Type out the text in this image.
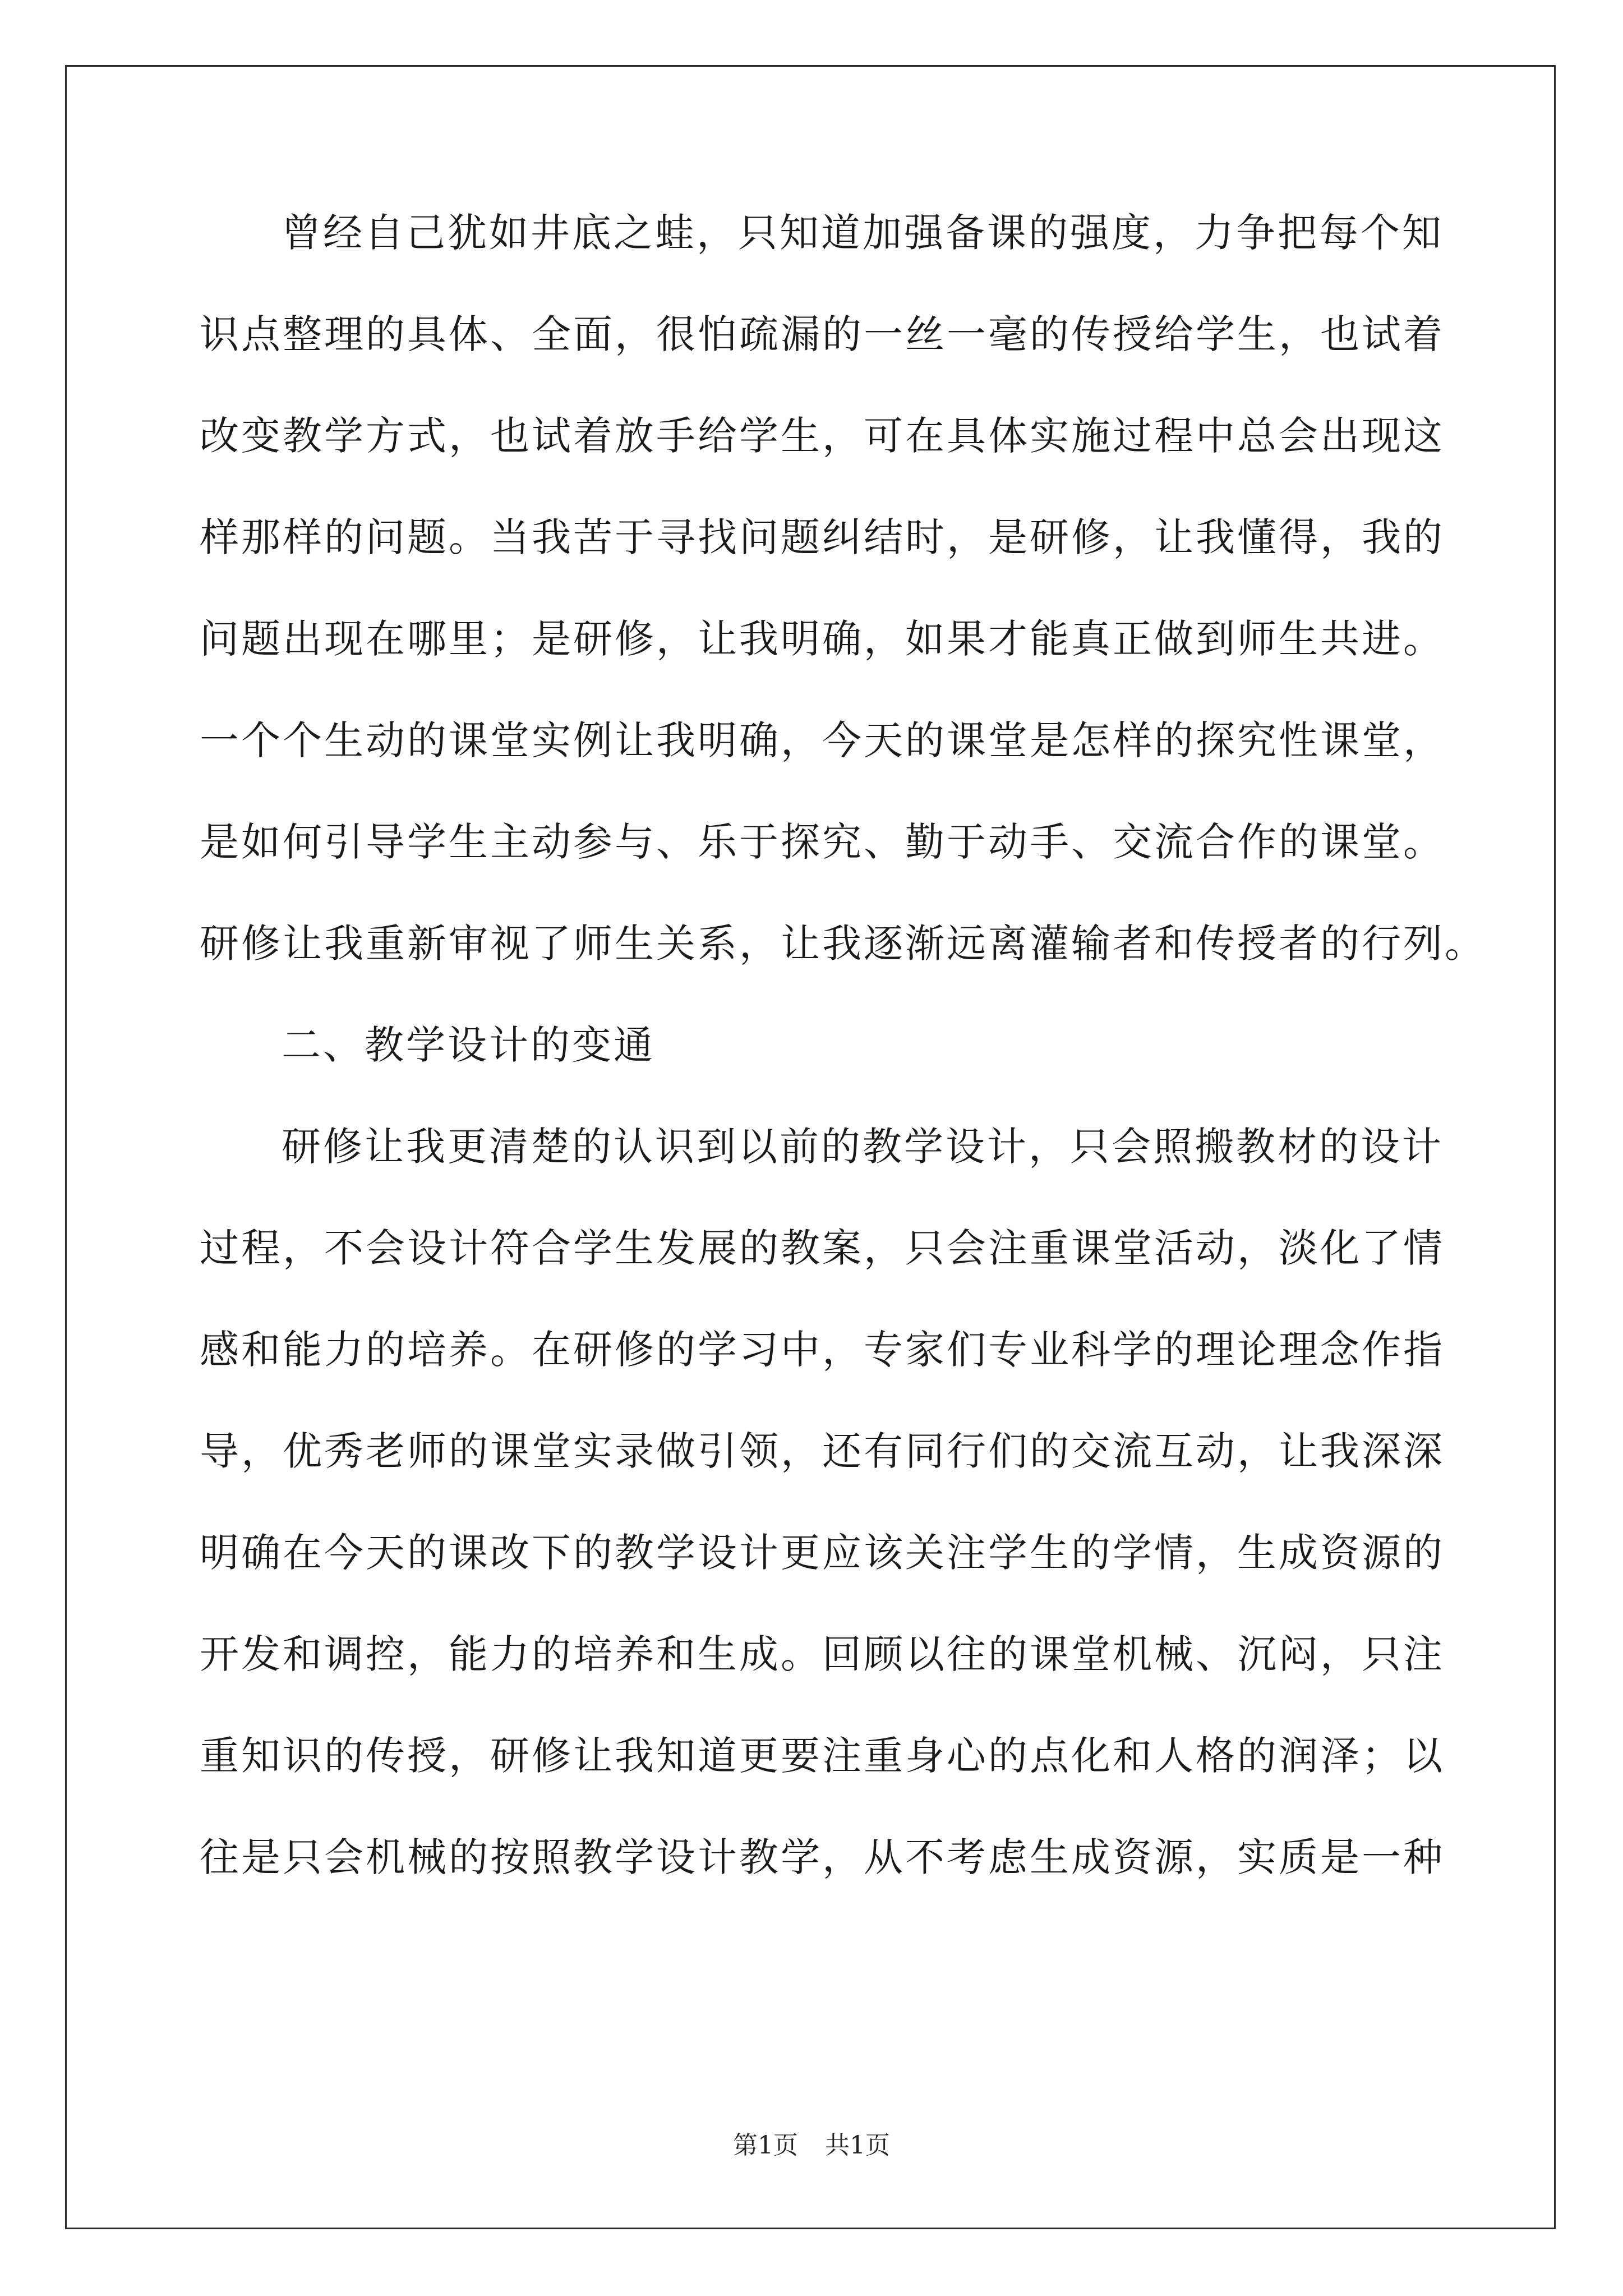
曾经自己犹如井底之蛙，只知道加强备课的强度，力争把每个知
识点整理的具体、全面，很怕疏漏的一丝一毫的传授给学生，也试着
改变教学方式，也试着放手给学生，可在具体实施过程中总会出现这
样那样的问题。当我苦于寻找问题纠结时，是研修，让我懂得，我的
问题出现在哪里；是研修，让我明确，如果才能真正做到师生共进。
一个个生动的课堂实例让我明确，今天的课堂是怎样的探究性课堂，
是如何引导学生主动参与、乐于探究、勤于动手、交流合作的课堂。
研修让我重新审视了师生关系，让我逐渐远离灌输者和传授者的行列。
二、教学设计的变通
研修让我更清楚的认识到以前的教学设计，只会照搬教材的设计
过程，不会设计符合学生发展的教案，只会注重课堂活动，淡化了情
感和能力的培养。在研修的学习中，专家们专业科学的理论理念作指
导，优秀老师的课堂实录做引领，还有同行们的交流互动，让我深深
明确在今天的课改下的教学设计更应该关注学生的学情，生成资源的
开发和调控，能力的培养和生成。回顾以往的课堂机械、沉闷，只注
重知识的传授，研修让我知道更要注重身心的点化和人格的润泽；以
往是只会机械的按照教学设计教学，从不考虑生成资源，实质是一种
第1页 共1页
